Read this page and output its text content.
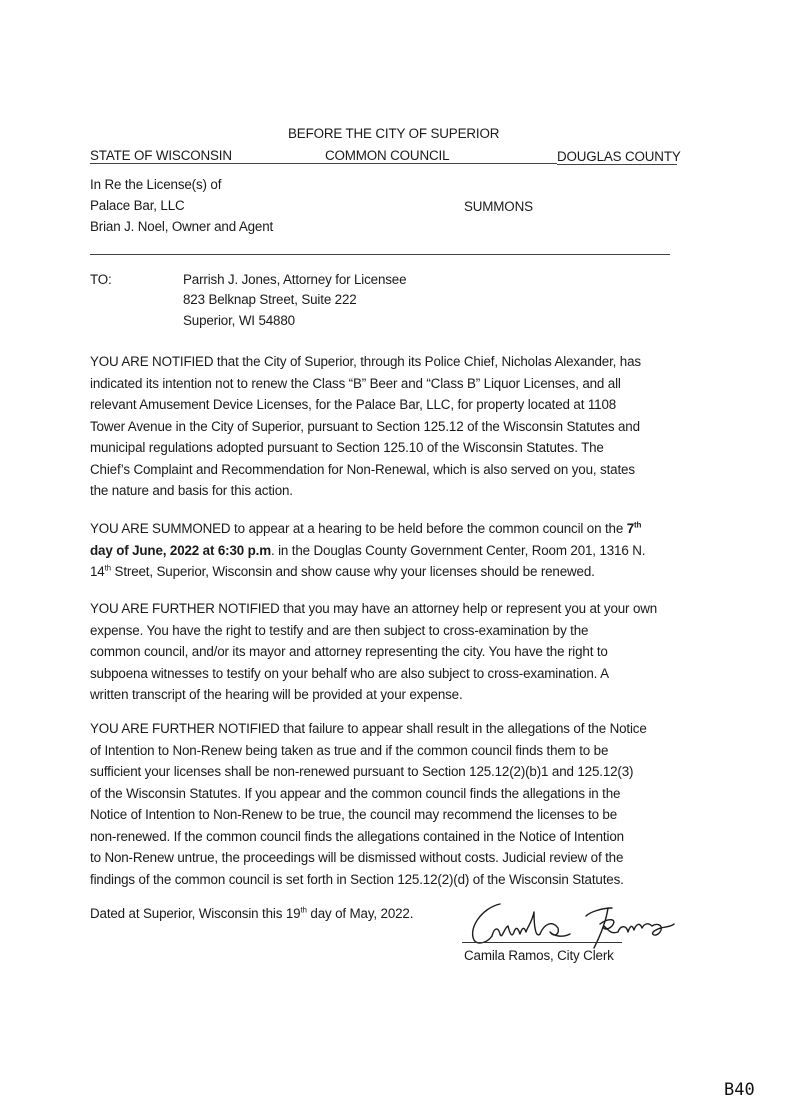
BEFORE THE CITY OF SUPERIOR
STATE OF WISCONSIN	COMMON COUNCIL	DOUGLAS COUNTY
In Re the License(s) of
Palace Bar, LLC
Brian J. Noel, Owner and Agent
SUMMONS
TO:	Parrish J. Jones, Attorney for Licensee
823 Belknap Street, Suite 222
Superior, WI 54880
YOU ARE NOTIFIED that the City of Superior, through its Police Chief, Nicholas Alexander, has
indicated its intention not to renew the Class “B” Beer and “Class B” Liquor Licenses, and all
relevant Amusement Device Licenses, for the Palace Bar, LLC, for property located at 1108
Tower Avenue in the City of Superior, pursuant to Section 125.12 of the Wisconsin Statutes and
municipal regulations adopted pursuant to Section 125.10 of the Wisconsin Statutes. The
Chief’s Complaint and Recommendation for Non-Renewal, which is also served on you, states
the nature and basis for this action.
YOU ARE SUMMONED to appear at a hearing to be held before the common council on the 7th
day of June, 2022 at 6:30 p.m. in the Douglas County Government Center, Room 201, 1316 N.
14th Street, Superior, Wisconsin and show cause why your licenses should be renewed.
YOU ARE FURTHER NOTIFIED that you may have an attorney help or represent you at your own
expense. You have the right to testify and are then subject to cross-examination by the
common council, and/or its mayor and attorney representing the city. You have the right to
subpoena witnesses to testify on your behalf who are also subject to cross-examination. A
written transcript of the hearing will be provided at your expense.
YOU ARE FURTHER NOTIFIED that failure to appear shall result in the allegations of the Notice
of Intention to Non-Renew being taken as true and if the common council finds them to be
sufficient your licenses shall be non-renewed pursuant to Section 125.12(2)(b)1 and 125.12(3)
of the Wisconsin Statutes. If you appear and the common council finds the allegations in the
Notice of Intention to Non-Renew to be true, the council may recommend the licenses to be
non-renewed. If the common council finds the allegations contained in the Notice of Intention
to Non-Renew untrue, the proceedings will be dismissed without costs. Judicial review of the
findings of the common council is set forth in Section 125.12(2)(d) of the Wisconsin Statutes.
Dated at Superior, Wisconsin this 19th day of May, 2022.
Camila Ramos, City Clerk
B40
